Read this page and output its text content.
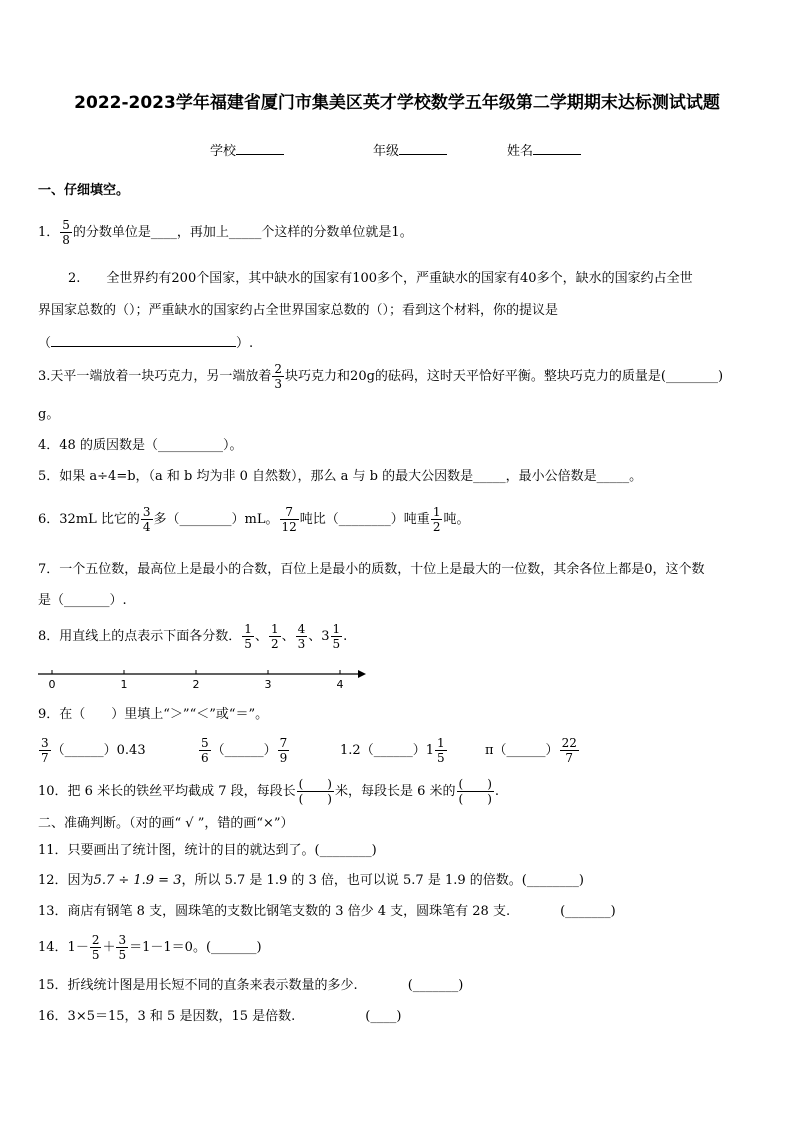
2022-2023学年福建省厦门市集美区英才学校数学五年级第二学期期末达标测试试题
学校	年级	姓名
一、仔细填空。
1． $\frac{5}{8}$ 的分数单位是____，再加上_____个这样的分数单位就是1。
2.　　全世界约有200个国家，其中缺水的国家有100多个，严重缺水的国家有40多个，缺水的国家约占全世
界国家总数的（）；严重缺水的国家约占全世界国家总数的（）；看到这个材料，你的提议是
（	）.
3.天平一端放着一块巧克力，另一端放着 $\frac{2}{3}$ 块巧克力和20g的砝码，这时天平恰好平衡。整块巧克力的质量是(________)
g。
4．48 的质因数是（__________）。
5．如果 a÷4=b，（a 和 b 均为非 0 自然数），那么 a 与 b 的最大公因数是_____，最小公倍数是_____。
6．32mL 比它的 $\frac{3}{4}$ 多（________）mL。 $\frac{7}{12}$ 吨比（________）吨重 $\frac{1}{2}$ 吨。
7．一个五位数，最高位上是最小的合数，百位上是最小的质数，十位上是最大的一位数，其余各位上都是0，这个数
是（_______）.
8．用直线上的点表示下面各分数． $\frac{1}{5}$ 、 $\frac{1}{2}$ 、 $\frac{4}{3}$ 、$3 \frac{1}{5}$ .
0	1	2	3	4
9．在（　　）里填上“＞”“＜”或“＝”。
$\frac{3}{7}$ （______）0.43	$\frac{5}{6}$ （______） $\frac{7}{9}$	1.2（______）1 $\frac{1}{5}$	π（______） $\frac{22}{7}$
10．把 6 米长的铁丝平均截成 7 段，每段长 $\frac{( )}{( )}$ 米，每段长是 6 米的 $\frac{( )}{( )}$ .
二、准确判断。（对的画“ √ ”，错的画“×”）
11．只要画出了统计图，统计的目的就达到了。(________)
12．因为5.7 ÷ 1.9 = 3，所以 5.7 是 1.9 的 3 倍，也可以说 5.7 是 1.9 的倍数。(________)
13．商店有钢笔 8 支，圆珠笔的支数比钢笔支数的 3 倍少 4 支，圆珠笔有 28 支.	(_______)
14．$1- \frac{2}{5} + \frac{3}{5} =1-1=0$。(_______)
15．折线统计图是用长短不同的直条来表示数量的多少.	(_______)
16．3×5＝15，3 和 5 是因数，15 是倍数.	(____)
